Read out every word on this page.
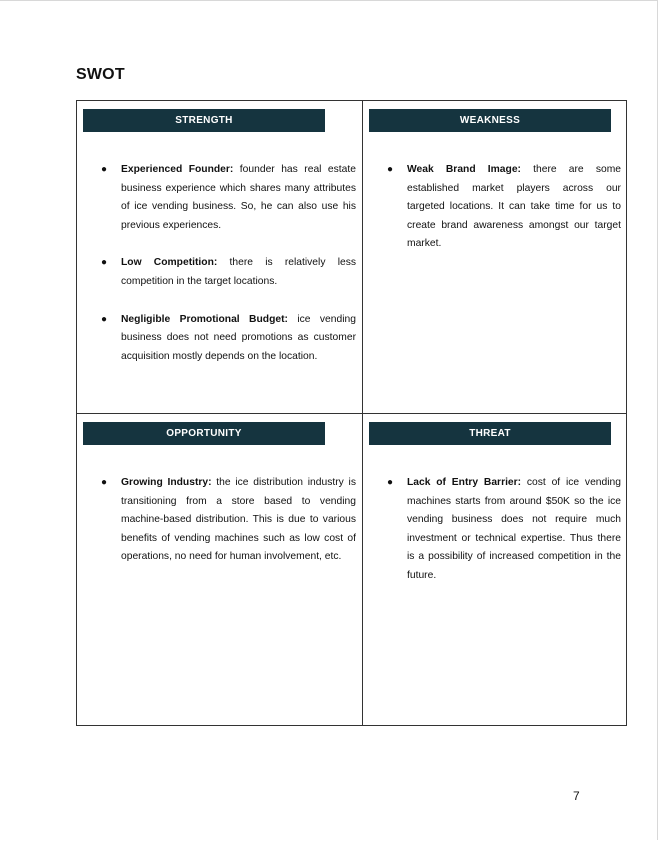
SWOT
STRENGTH
● Experienced Founder: founder has real estate business experience which shares many attributes of ice vending business. So, he can also use his previous experiences.
● Low Competition: there is relatively less competition in the target locations.
● Negligible Promotional Budget: ice vending business does not need promotions as customer acquisition mostly depends on the location.
WEAKNESS
● Weak Brand Image: there are some established market players across our targeted locations. It can take time for us to create brand awareness amongst our target market.
OPPORTUNITY
● Growing Industry: the ice distribution industry is transitioning from a store based to vending machine-based distribution. This is due to various benefits of vending machines such as low cost of operations, no need for human involvement, etc.
THREAT
● Lack of Entry Barrier: cost of ice vending machines starts from around $50K so the ice vending business does not require much investment or technical expertise. Thus there is a possibility of increased competition in the future.
7
